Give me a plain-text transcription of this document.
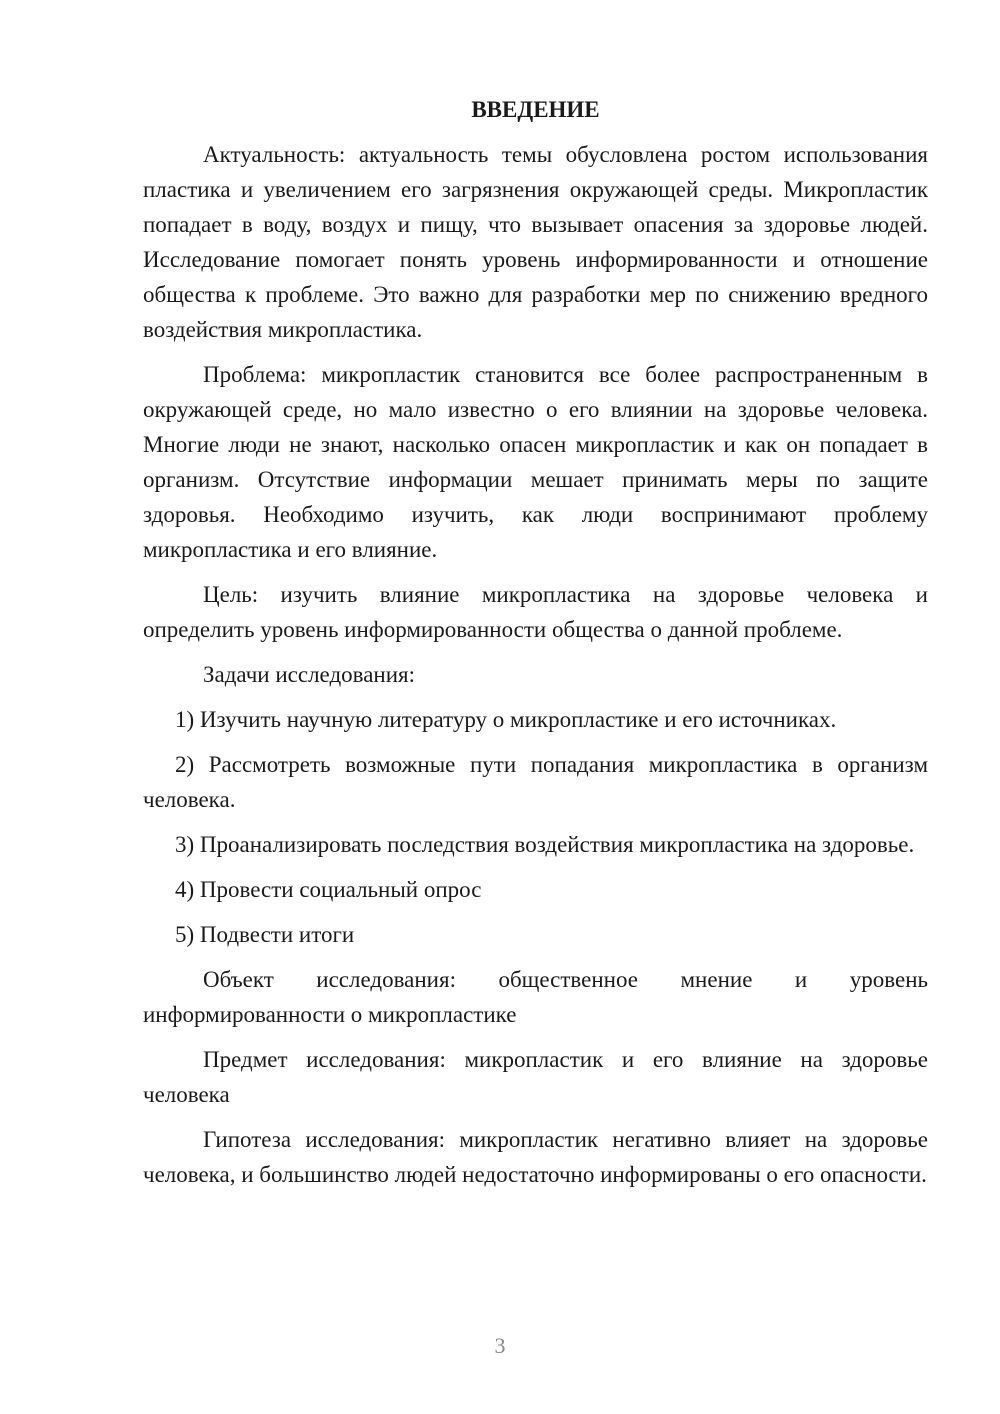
ВВЕДЕНИЕ

Актуальность: актуальность темы обусловлена ростом использования пластика и увеличением его загрязнения окружающей среды. Микропластик попадает в воду, воздух и пищу, что вызывает опасения за здоровье людей. Исследование помогает понять уровень информированности и отношение общества к проблеме. Это важно для разработки мер по снижению вредного воздействия микропластика.

Проблема: микропластик становится все более распространенным в окружающей среде, но мало известно о его влиянии на здоровье человека. Многие люди не знают, насколько опасен микропластик и как он попадает в организм. Отсутствие информации мешает принимать меры по защите здоровья. Необходимо изучить, как люди воспринимают проблему микропластика и его влияние.

Цель: изучить влияние микропластика на здоровье человека и определить уровень информированности общества о данной проблеме.

Задачи исследования:

1) Изучить научную литературу о микропластике и его источниках.

2) Рассмотреть возможные пути попадания микропластика в организм человека.

3) Проанализировать последствия воздействия микропластика на здоровье.

4) Провести социальный опрос

5) Подвести итоги

Объект исследования: общественное мнение и уровень информированности о микропластике

Предмет исследования: микропластик и его влияние на здоровье человека

Гипотеза исследования: микропластик негативно влияет на здоровье человека, и большинство людей недостаточно информированы о его опасности.

3
